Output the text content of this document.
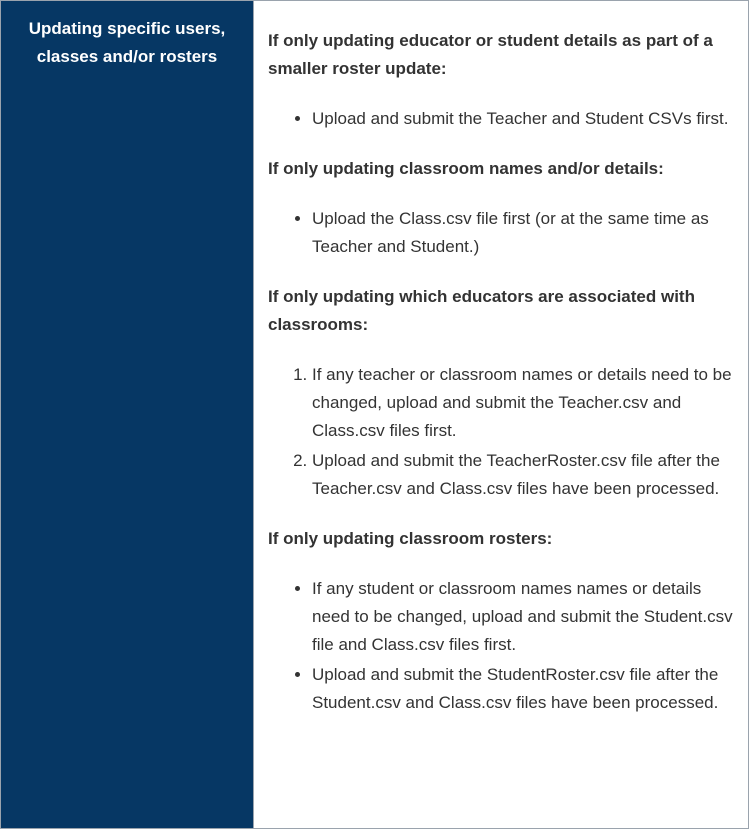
Updating specific users, classes and/or rosters

If only updating educator or student details as part of a smaller roster update:

• Upload and submit the Teacher and Student CSVs first.

If only updating classroom names and/or details:

• Upload the Class.csv file first (or at the same time as Teacher and Student.)

If only updating which educators are associated with classrooms:

1. If any teacher or classroom names or details need to be changed, upload and submit the Teacher.csv and Class.csv files first.
2. Upload and submit the TeacherRoster.csv file after the Teacher.csv and Class.csv files have been processed.

If only updating classroom rosters:

• If any student or classroom names names or details need to be changed, upload and submit the Student.csv file and Class.csv files first.
• Upload and submit the StudentRoster.csv file after the Student.csv and Class.csv files have been processed.
